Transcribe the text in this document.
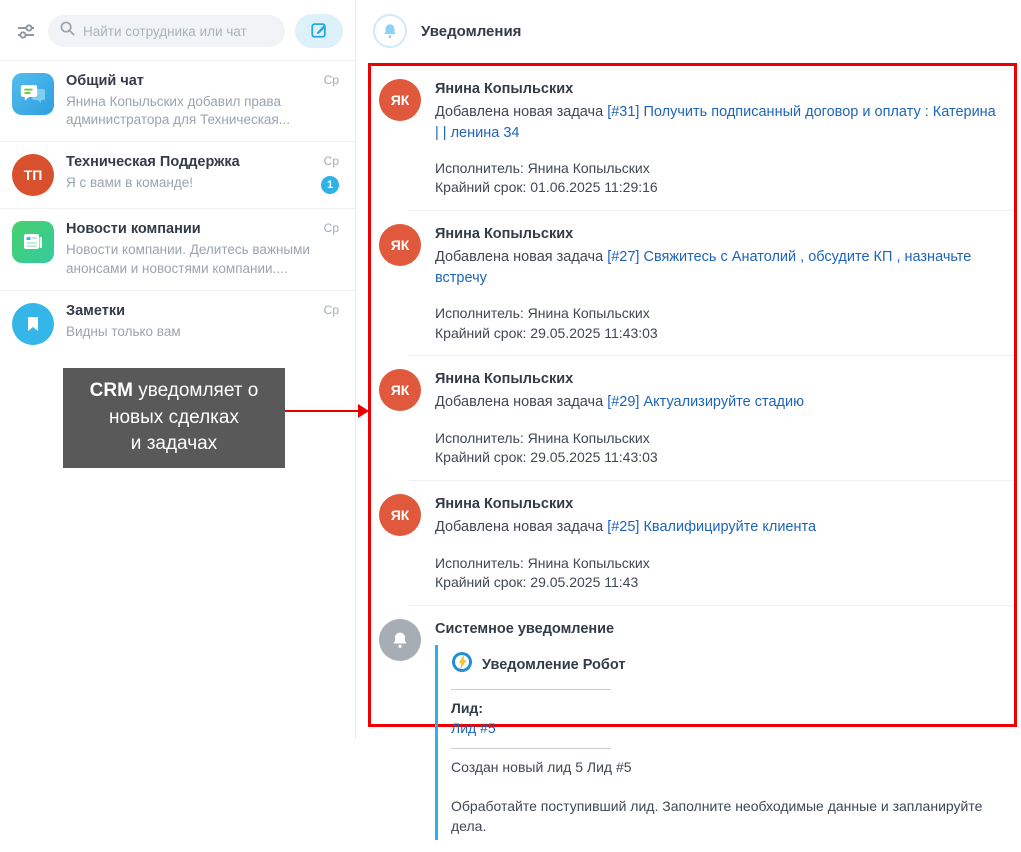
Найти сотрудника или чат
Общий чат
Янина Копыльских добавил права администратора для Техническая...
Ср
ТП
Техническая Поддержка
Я с вами в команде!
Ср
1
Новости компании
Новости компании. Делитесь важными анонсами и новостями компании....
Ср
Заметки
Видны только вам
Ср
CRM уведомляет о
новых сделках
и задачах
Уведомления
ЯК
Янина Копыльских
Добавлена новая задача [#31] Получить подписанный договор и оплату : Катерина | | ленина 34
Исполнитель: Янина Копыльских
Крайний срок: 01.06.2025 11:29:16
ЯК
Янина Копыльских
Добавлена новая задача [#27] Свяжитесь с Анатолий , обсудите КП , назначьте встречу
Исполнитель: Янина Копыльских
Крайний срок: 29.05.2025 11:43:03
ЯК
Янина Копыльских
Добавлена новая задача [#29] Актуализируйте стадию
Исполнитель: Янина Копыльских
Крайний срок: 29.05.2025 11:43:03
ЯК
Янина Копыльских
Добавлена новая задача [#25] Квалифицируйте клиента
Исполнитель: Янина Копыльских
Крайний срок: 29.05.2025 11:43
Системное уведомление
Уведомление Робот
Лид:
Лид #5
Создан новый лид 5 Лид #5
Обработайте поступивший лид. Заполните необходимые данные и запланируйте дела.
